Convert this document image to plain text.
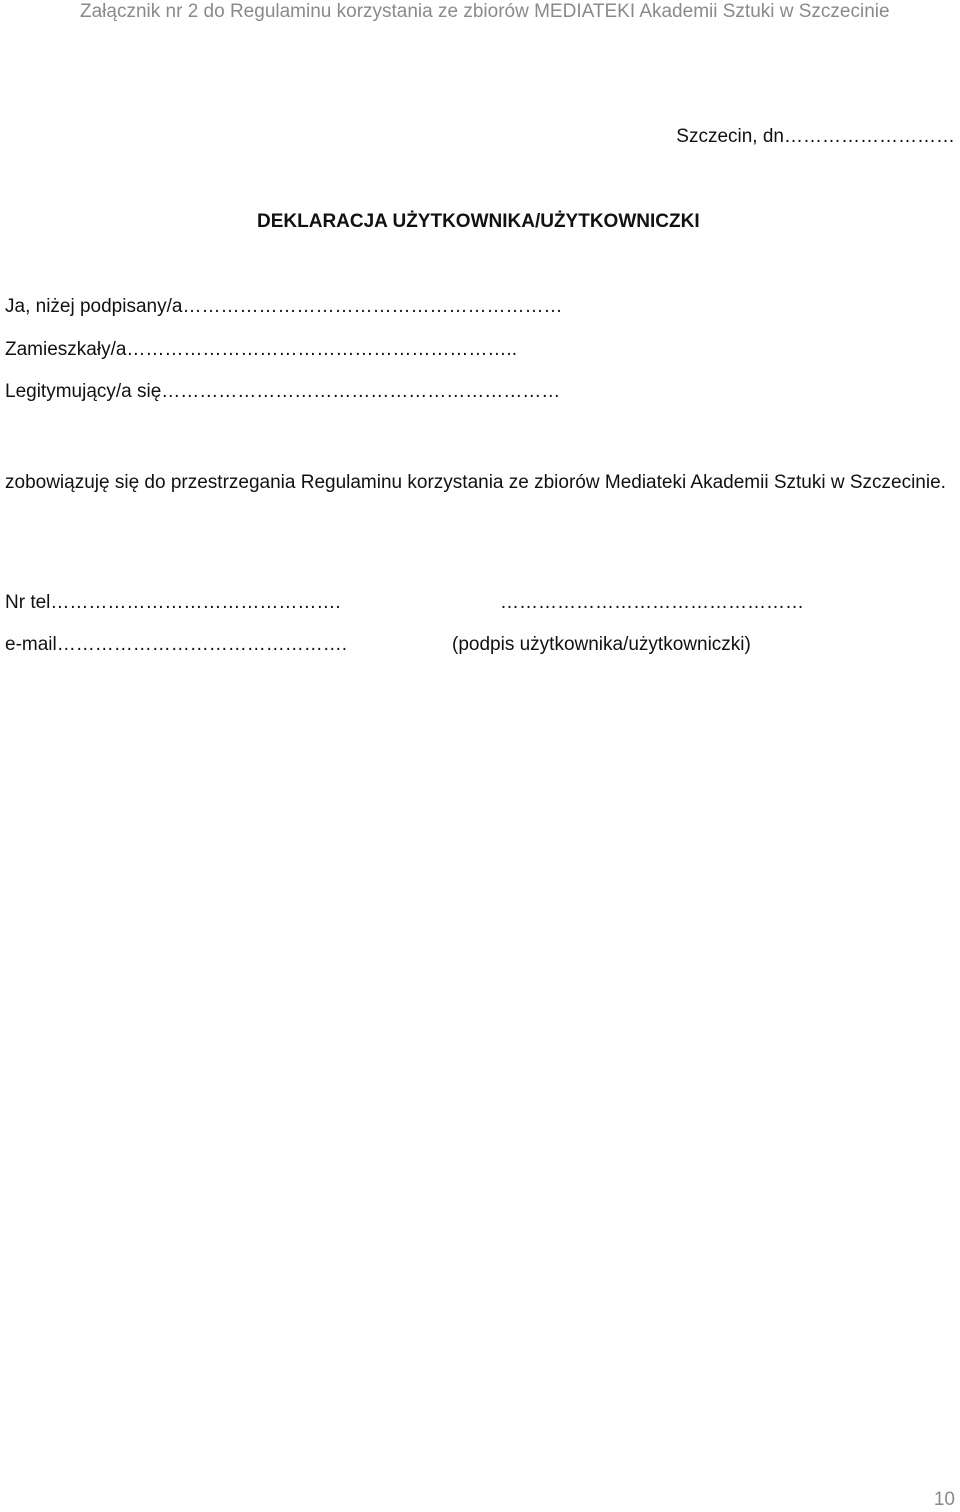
Załącznik nr 2 do Regulaminu korzystania ze zbiorów MEDIATEKI Akademii Sztuki w Szczecinie
Szczecin, dn………………………
DEKLARACJA UŻYTKOWNIKA/UŻYTKOWNICZKI
Ja, niżej podpisany/a……………………………………………………
Zamieszkały/a……………………………………………………..
Legitymujący/a się………………………………………………………
zobowiązuję się do przestrzegania Regulaminu korzystania ze zbiorów Mediateki Akademii Sztuki w Szczecinie.
Nr tel……………………………………….
e-mail……………………………………….
…………………………………………
(podpis użytkownika/użytkowniczki)
10
